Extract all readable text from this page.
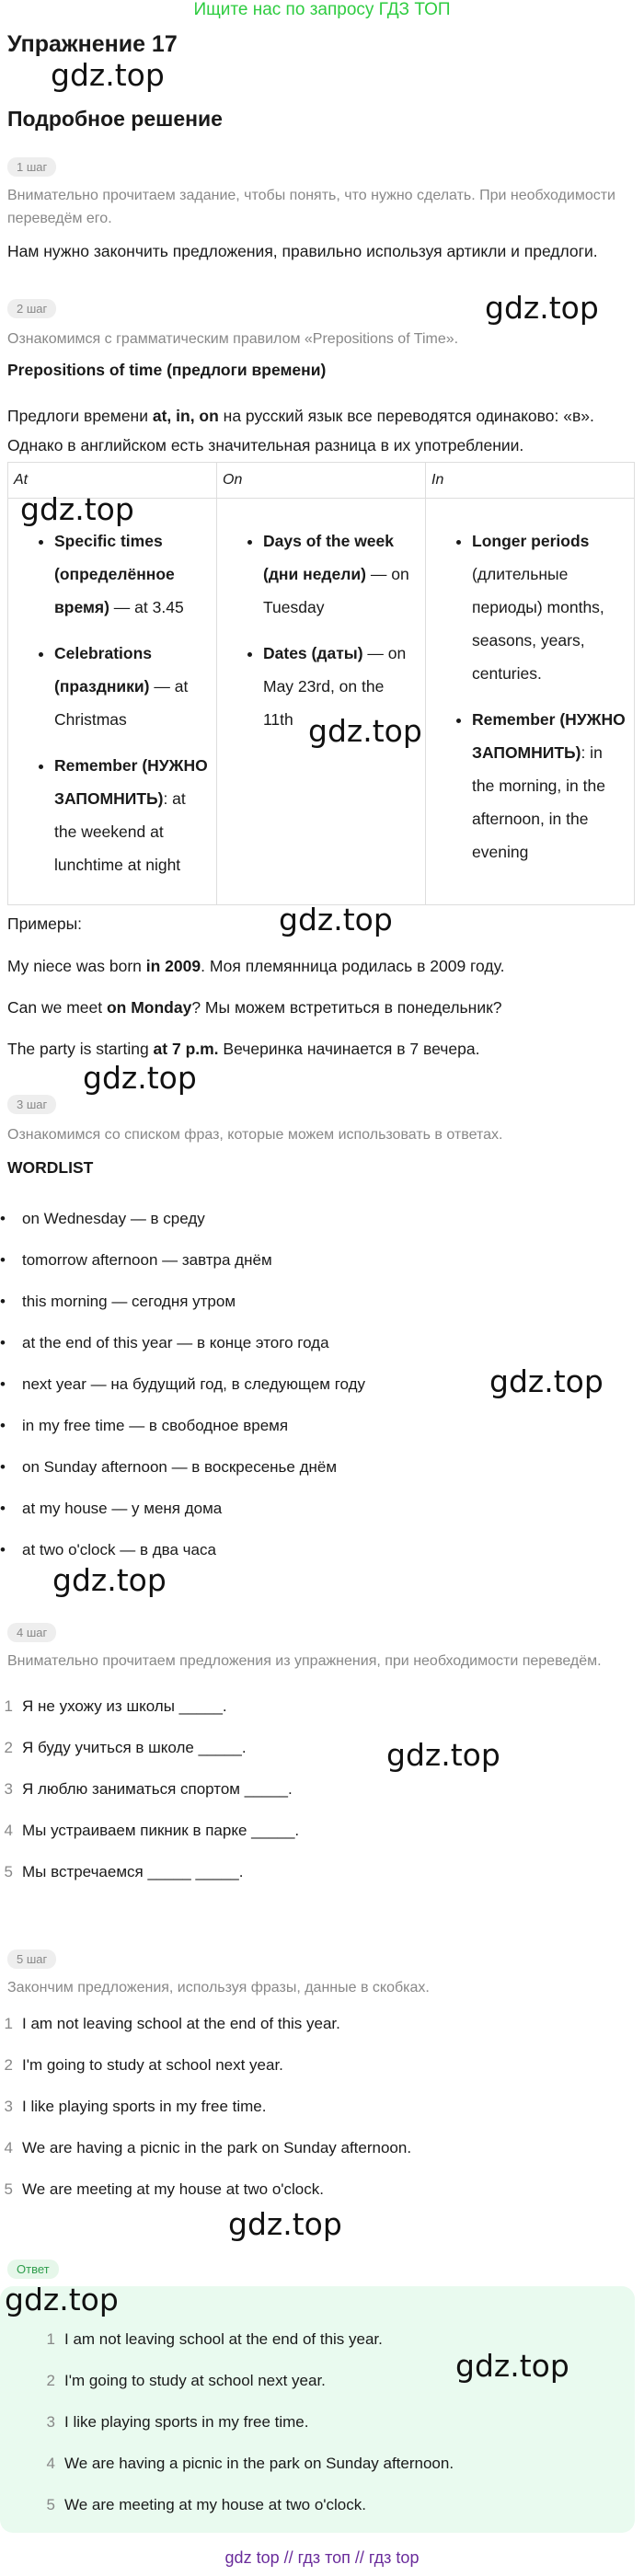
Ищите нас по запросу ГДЗ ТОП
Упражнение 17
gdz.top
Подробное решение
1 шаг
Внимательно прочитаем задание, чтобы понять, что нужно сделать. При необходимости переведём его.
Нам нужно закончить предложения, правильно используя артикли и предлоги.
2 шаг	gdz.top
Ознакомимся с грамматическим правилом «Prepositions of Time».
Prepositions of time (предлоги времени)
Предлоги времени at, in, on на русский язык все переводятся одинаково: «в».
Однако в английском есть значительная разница в их употреблении.
At
• Specific times (определённое время) — at 3.45
• Celebrations (праздники) — at Christmas
• Remember (НУЖНО ЗАПОМНИТЬ): at the weekend at lunchtime at night
On
• Days of the week (дни недели) — on Tuesday
• Dates (даты) — on May 23rd, on the 11th
In
• Longer periods (длительные периоды) months, seasons, years, centuries.
• Remember (НУЖНО ЗАПОМНИТЬ): in the morning, in the afternoon, in the evening
gdz.top
gdz.top
Примеры:	gdz.top
My niece was born in 2009. Моя племянница родилась в 2009 году.
Can we meet on Monday? Мы можем встретиться в понедельник?
The party is starting at 7 p.m. Вечеринка начинается в 7 вечера.
gdz.top
3 шаг
Ознакомимся со списком фраз, которые можем использовать в ответах.
WORDLIST
• on Wednesday — в среду
• tomorrow afternoon — завтра днём
• this morning — сегодня утром
• at the end of this year — в конце этого года
• next year — на будущий год, в следующем году
• in my free time — в свободное время
• on Sunday afternoon — в воскресенье днём
• at my house — у меня дома
• at two o'clock — в два часа
gdz.top
gdz.top
4 шаг
Внимательно прочитаем предложения из упражнения, при необходимости переведём.
1 Я не ухожу из школы _____.
2 Я буду учиться в школе _____.
3 Я люблю заниматься спортом _____.
4 Мы устраиваем пикник в парке _____.
5 Мы встречаемся _____ _____.
gdz.top
5 шаг
Закончим предложения, используя фразы, данные в скобках.
1 I am not leaving school at the end of this year.
2 I'm going to study at school next year.
3 I like playing sports in my free time.
4 We are having a picnic in the park on Sunday afternoon.
5 We are meeting at my house at two o'clock.
gdz.top
Ответ
gdz.top
1 I am not leaving school at the end of this year.
2 I'm going to study at school next year.
3 I like playing sports in my free time.
4 We are having a picnic in the park on Sunday afternoon.
5 We are meeting at my house at two o'clock.
gdz.top
gdz top // гдз топ // гдз top
